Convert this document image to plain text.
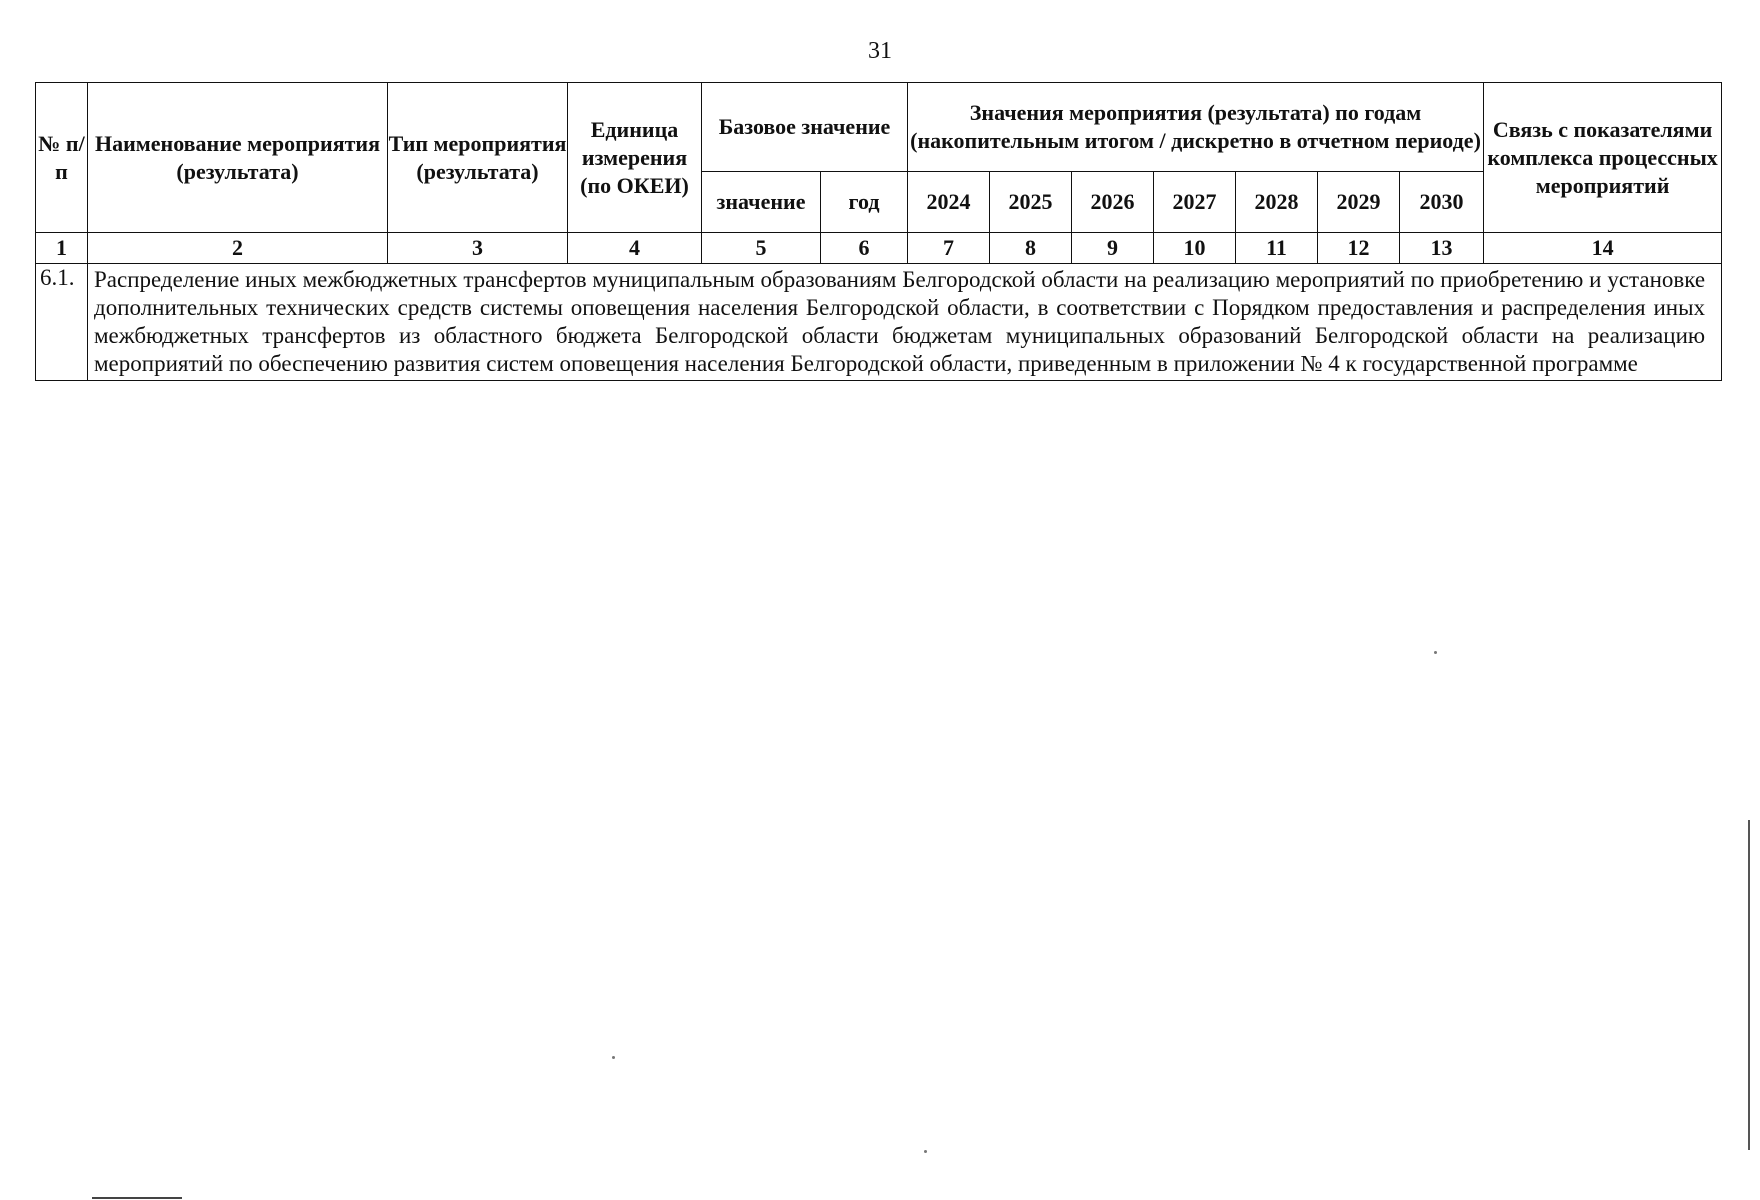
31
№ п/п	Наименование мероприятия (результата)	Тип мероприятия (результата)	Единица измерения (по ОКЕИ)	Базовое значение		Значения мероприятия (результата) по годам (накопительным итогом / дискретно в отчетном периоде)							Связь с показателями комплекса процессных мероприятий
				значение	год	2024	2025	2026	2027	2028	2029	2030	
1	2	3	4	5	6	7	8	9	10	11	12	13	14
6.1.	Распределение иных межбюджетных трансфертов муниципальным образованиям Белгородской области на реализацию мероприятий по приобретению и установке дополнительных технических средств системы оповещения населения Белгородской области, в соответствии с Порядком предоставления и распределения иных межбюджетных трансфертов из областного бюджета Белгородской области бюджетам муниципальных образований Белгородской области на реализацию мероприятий по обеспечению развития систем оповещения населения Белгородской области, приведенным в приложении № 4 к государственной программе												
